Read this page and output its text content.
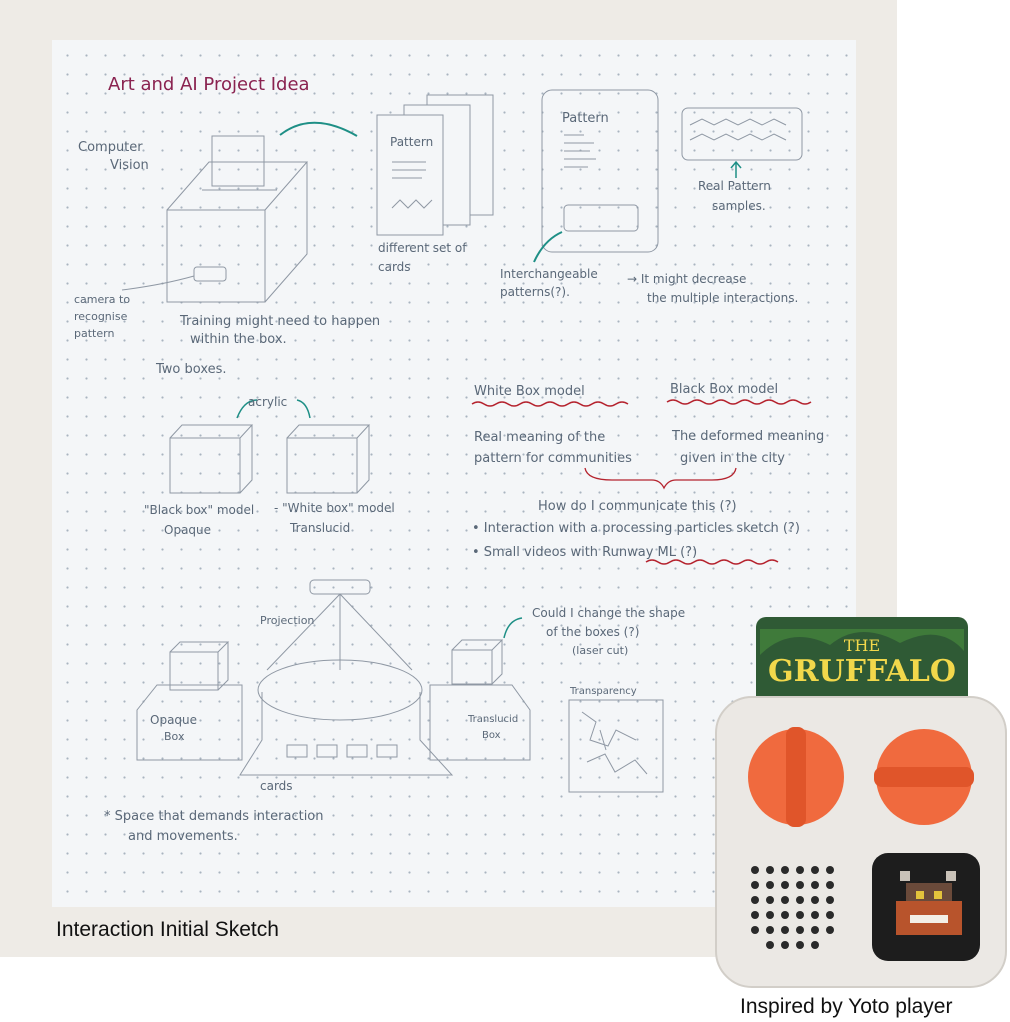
Art and AI Project Idea
Computer
Vision
Pattern
different set of
cards
Pattern
Interchangeable
patterns(?).
→ It might decrease
the multiple interactions.
Real Pattern
samples.
camera to
recognise
pattern
Training might need to happen
within the box.
Two boxes.
acrylic
"Black box" model
Opaque
- "White box" model
Translucid
White Box model	Black Box model
Real meaning of the
pattern for communities
The deformed meaning
given in the city
How do I communicate this (?)
• Interaction with a processing particles sketch (?)
• Small videos with Runway ML (?)
Projection
Could I change the shape
of the boxes (?)
(laser cut)
Transparency
Opaque
Box
Translucid
Box
cards
* Space that demands interaction
and movements.
Interaction Initial Sketch
THE
GRUFFALO
Inspired by Yoto player
